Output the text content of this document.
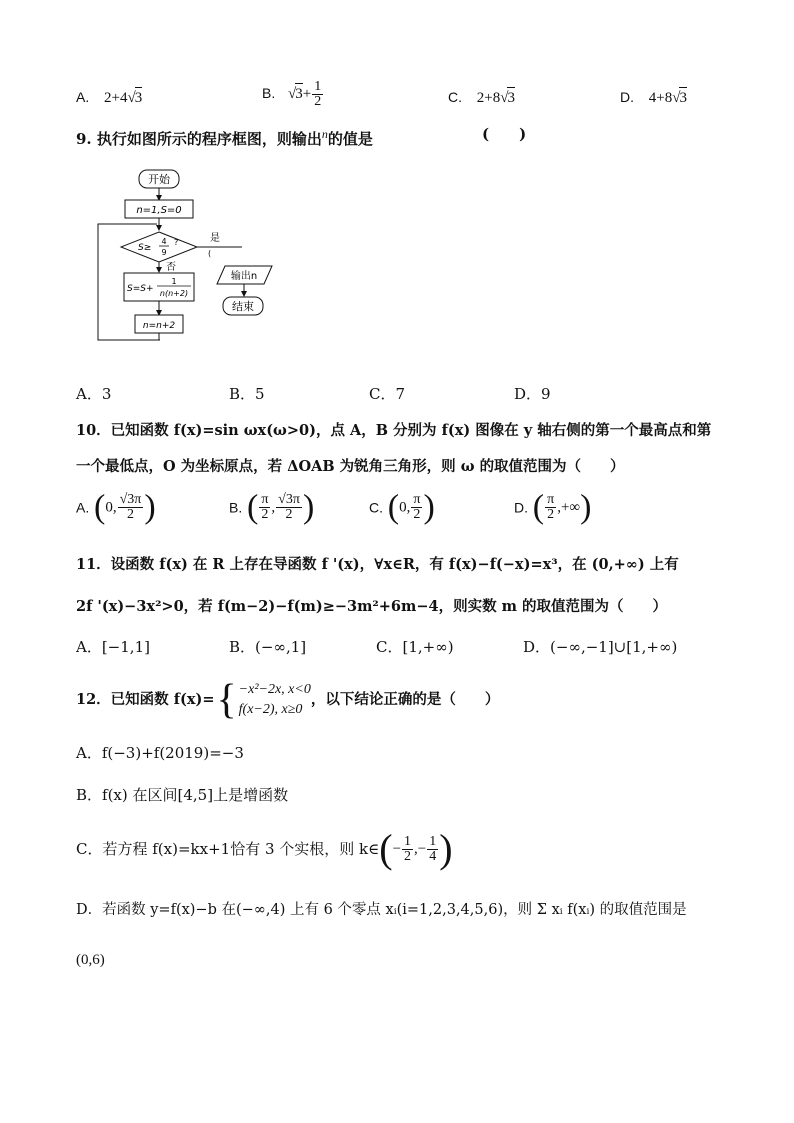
A. 2+4√3	B. $√3+ \frac{1}{2}$	C. 2+8√3	D. 4+8√3
9. 执行如图所示的程序框图，则输出$^n$的值是	(　　)
开始
n=1,S=0
S≥
4
9
?	是
(
否
S=S+
1
n(n+2)
n=n+2
输出n
结束
A．3	B．5	C．7	D．9
10．已知函数 f(x)=sin ωx(ω>0)，点 A，B 分别为 f(x) 图像在 y 轴右侧的第一个最高点和第
一个最低点，O 为坐标原点，若 ΔOAB 为锐角三角形，则 ω 的取值范围为（　　）
A. (0, $\frac{√3\pi}{2}$ )	B. ( $\frac{\pi}{2}$ , $\frac{√3\pi}{2}$ )	C. (0, $\frac{\pi}{2}$ )	D. ( $\frac{\pi}{2}$ ,+∞)
11．设函数 f(x) 在 R 上存在导函数 f '(x)，∀x∈R，有 f(x)−f(−x)=x³，在 (0,+∞) 上有
2f '(x)−3x²>0，若 f(m−2)−f(m)≥−3m²+6m−4，则实数 m 的取值范围为（　　）
A．[−1,1]	B．(−∞,1]	C．[1,+∞)	D．(−∞,−1]∪[1,+∞)
12．已知函数 f(x)= { −x²−2x, x<0
f(x−2), x≥0
，以下结论正确的是（　　）
A．f(−3)+f(2019)=−3
B．f(x) 在区间[4,5]上是增函数
C．若方程 f(x)=kx+1恰有 3 个实根，则 k∈ ( − $\frac{1}{2}$ ,− $\frac{1}{4}$ )
D．若函数 y=f(x)−b 在(−∞,4) 上有 6 个零点 xᵢ(i=1,2,3,4,5,6)，则 Σ xᵢ f(xᵢ) 的取值范围是
(0,6)
